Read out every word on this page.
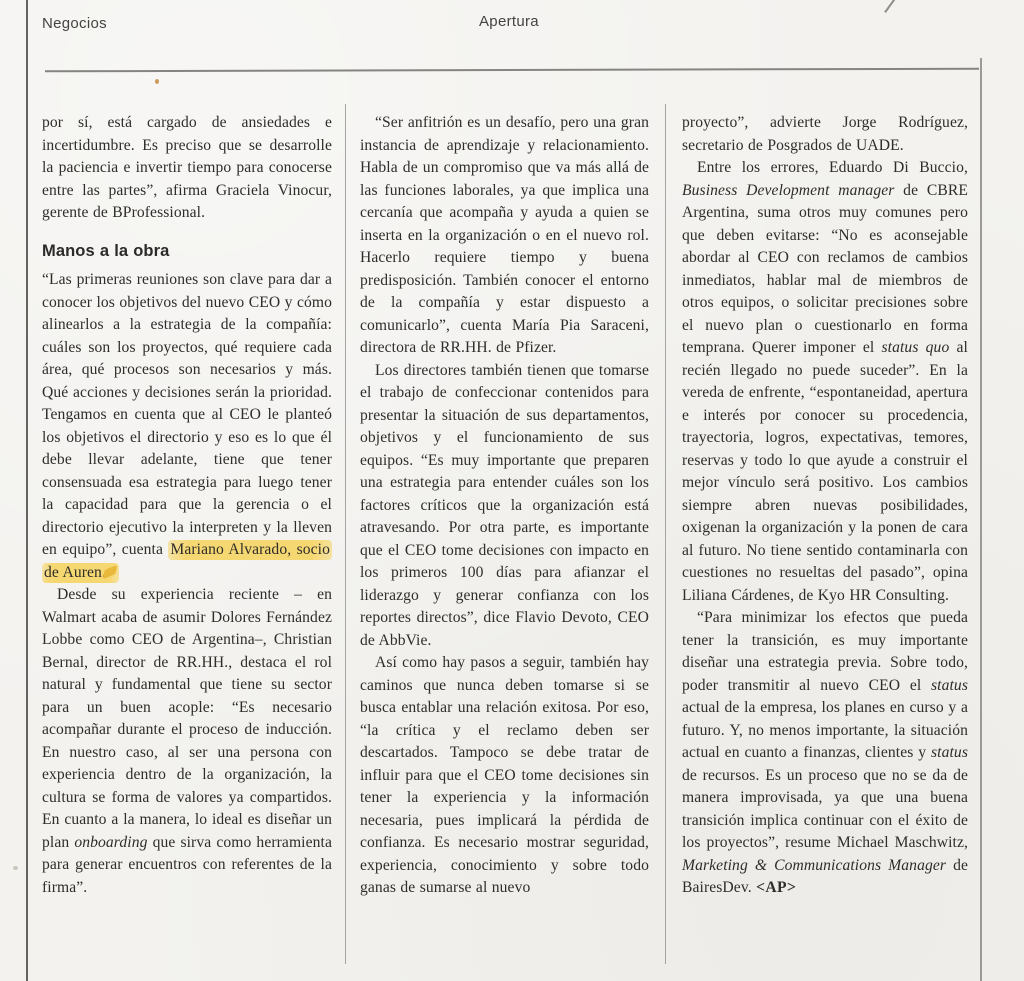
Negocios	Apertura

por sí, está cargado de ansiedades e incertidumbre. Es preciso que se desarrolle la paciencia e invertir tiempo para conocerse entre las partes”, afirma Graciela Vinocur, gerente de BProfessional.

Manos a la obra

“Las primeras reuniones son clave para dar a conocer los objetivos del nuevo CEO y cómo alinearlos a la estrategia de la compañía: cuáles son los proyectos, qué requiere cada área, qué procesos son necesarios y más. Qué acciones y decisiones serán la prioridad. Tengamos en cuenta que al CEO le planteó los objetivos el directorio y eso es lo que él debe llevar adelante, tiene que tener consensuada esa estrategia para luego tener la capacidad para que la gerencia o el directorio ejecutivo la interpreten y la lleven en equipo”, cuenta Mariano Alvarado, socio de Auren.

Desde su experiencia reciente – en Walmart acaba de asumir Dolores Fernández Lobbe como CEO de Argentina–, Christian Bernal, director de RR.HH., destaca el rol natural y fundamental que tiene su sector para un buen acople: “Es necesario acompañar durante el proceso de inducción. En nuestro caso, al ser una persona con experiencia dentro de la organización, la cultura se forma de valores ya compartidos. En cuanto a la manera, lo ideal es diseñar un plan onboarding que sirva como herramienta para generar encuentros con referentes de la firma”.

“Ser anfitrión es un desafío, pero una gran instancia de aprendizaje y relacionamiento. Habla de un compromiso que va más allá de las funciones laborales, ya que implica una cercanía que acompaña y ayuda a quien se inserta en la organización o en el nuevo rol. Hacerlo requiere tiempo y buena predisposición. También conocer el entorno de la compañía y estar dispuesto a comunicarlo”, cuenta María Pia Saraceni, directora de RR.HH. de Pfizer.

Los directores también tienen que tomarse el trabajo de confeccionar contenidos para presentar la situación de sus departamentos, objetivos y el funcionamiento de sus equipos. “Es muy importante que preparen una estrategia para entender cuáles son los factores críticos que la organización está atravesando. Por otra parte, es importante que el CEO tome decisiones con impacto en los primeros 100 días para afianzar el liderazgo y generar confianza con los reportes directos”, dice Flavio Devoto, CEO de AbbVie.

Así como hay pasos a seguir, también hay caminos que nunca deben tomarse si se busca entablar una relación exitosa. Por eso, “la crítica y el reclamo deben ser descartados. Tampoco se debe tratar de influir para que el CEO tome decisiones sin tener la experiencia y la información necesaria, pues implicará la pérdida de confianza. Es necesario mostrar seguridad, experiencia, conocimiento y sobre todo ganas de sumarse al nuevo

proyecto”, advierte Jorge Rodríguez, secretario de Posgrados de UADE.

Entre los errores, Eduardo Di Buccio, Business Development manager de CBRE Argentina, suma otros muy comunes pero que deben evitarse: “No es aconsejable abordar al CEO con reclamos de cambios inmediatos, hablar mal de miembros de otros equipos, o solicitar precisiones sobre el nuevo plan o cuestionarlo en forma temprana. Querer imponer el status quo al recién llegado no puede suceder”. En la vereda de enfrente, “espontaneidad, apertura e interés por conocer su procedencia, trayectoria, logros, expectativas, temores, reservas y todo lo que ayude a construir el mejor vínculo será positivo. Los cambios siempre abren nuevas posibilidades, oxigenan la organización y la ponen de cara al futuro. No tiene sentido contaminarla con cuestiones no resueltas del pasado”, opina Liliana Cárdenes, de Kyo HR Consulting.

“Para minimizar los efectos que pueda tener la transición, es muy importante diseñar una estrategia previa. Sobre todo, poder transmitir al nuevo CEO el status actual de la empresa, los planes en curso y a futuro. Y, no menos importante, la situación actual en cuanto a finanzas, clientes y status de recursos. Es un proceso que no se da de manera improvisada, ya que una buena transición implica continuar con el éxito de los proyectos”, resume Michael Maschwitz, Marketing & Communications Manager de BairesDev. <AP>
